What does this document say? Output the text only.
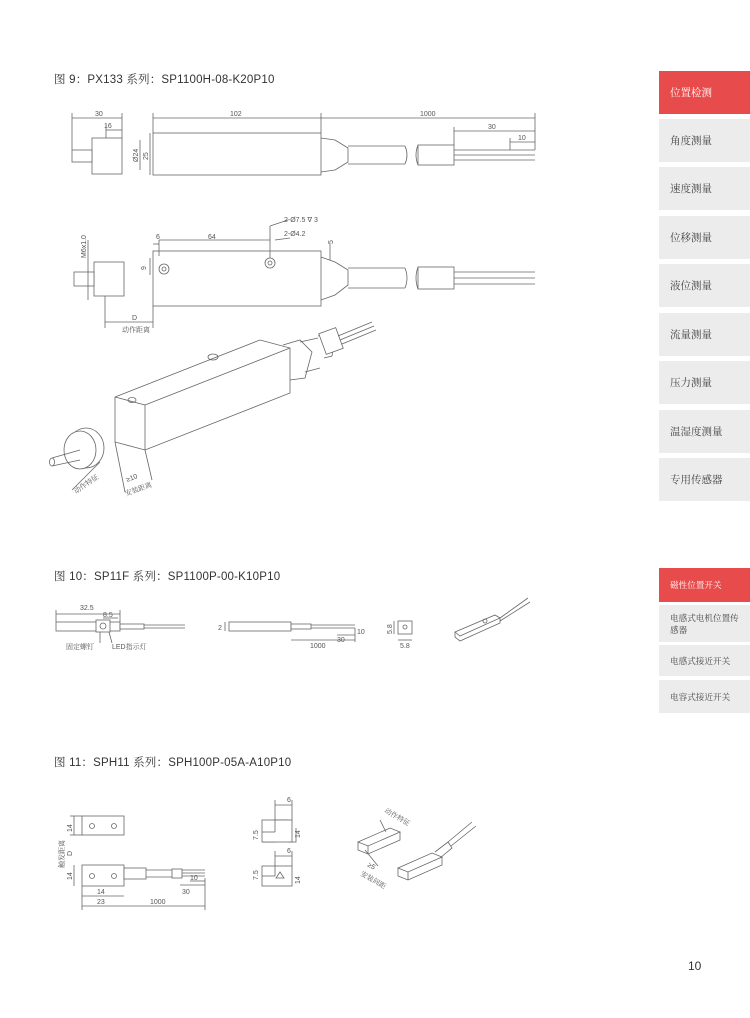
图 9：PX133 系列：SP1100H-08-K20P10
图 10：SP11F 系列：SP1100P-00-K10P10
图 11：SPH11 系列：SPH100P-05A-A10P10
30
16
102	1000
30
10
Ø24 25
6	64
2-Ø7.5 ∇ 3
2-Ø4.2
5
9
M6x1.0
D
动作距离
动作特征	≥10
安装距离
32.5
8.5
固定螺钉	LED指示灯
2
1000
30
10	5.8
5.8
14
D
触发距离
14
14
23	1000
30
10
6
7.5	14
6
7.5
14
动作特征
≥5
安装间距
位置检测
角度测量
速度测量
位移测量
液位测量
流量测量
压力测量
温湿度测量
专用传感器
磁性位置开关
电感式电机位置传感器
电感式接近开关
电容式接近开关
10
